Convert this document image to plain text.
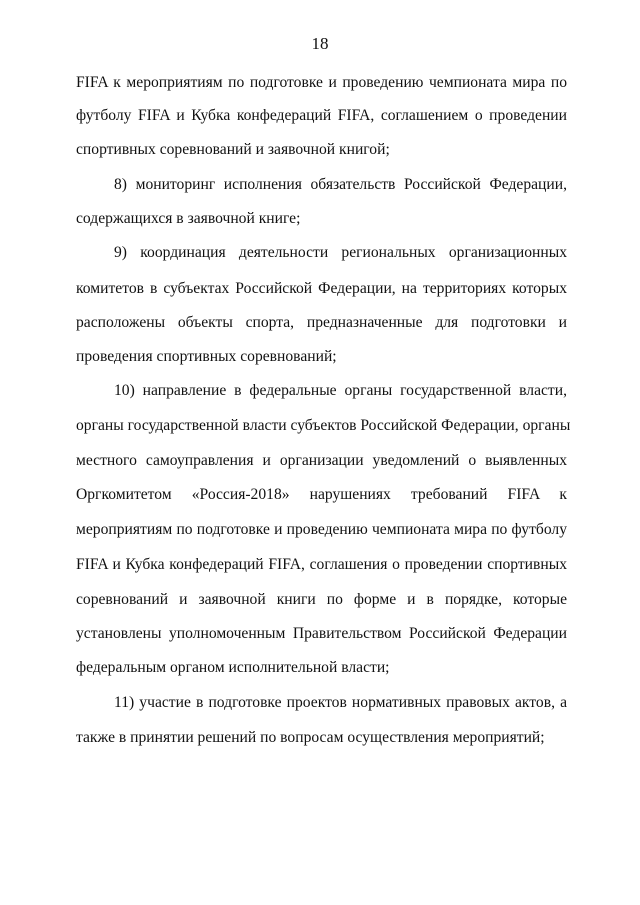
18
FIFA к мероприятиям по подготовке и проведению чемпионата мира по
футболу FIFA и Кубка конфедераций FIFA, соглашением о проведении
спортивных соревнований и заявочной книгой;
8) мониторинг исполнения обязательств Российской Федерации,
содержащихся в заявочной книге;
9) координация деятельности региональных организационных
комитетов в субъектах Российской Федерации, на территориях которых
расположены объекты спорта, предназначенные для подготовки и
проведения спортивных соревнований;
10) направление в федеральные органы государственной власти,
органы государственной власти субъектов Российской Федерации, органы
местного самоуправления и организации уведомлений о выявленных
Оргкомитетом «Россия-2018» нарушениях требований FIFA к
мероприятиям по подготовке и проведению чемпионата мира по футболу
FIFA и Кубка конфедераций FIFA, соглашения о проведении спортивных
соревнований и заявочной книги по форме и в порядке, которые
установлены уполномоченным Правительством Российской Федерации
федеральным органом исполнительной власти;
11) участие в подготовке проектов нормативных правовых актов, а
также в принятии решений по вопросам осуществления мероприятий;
